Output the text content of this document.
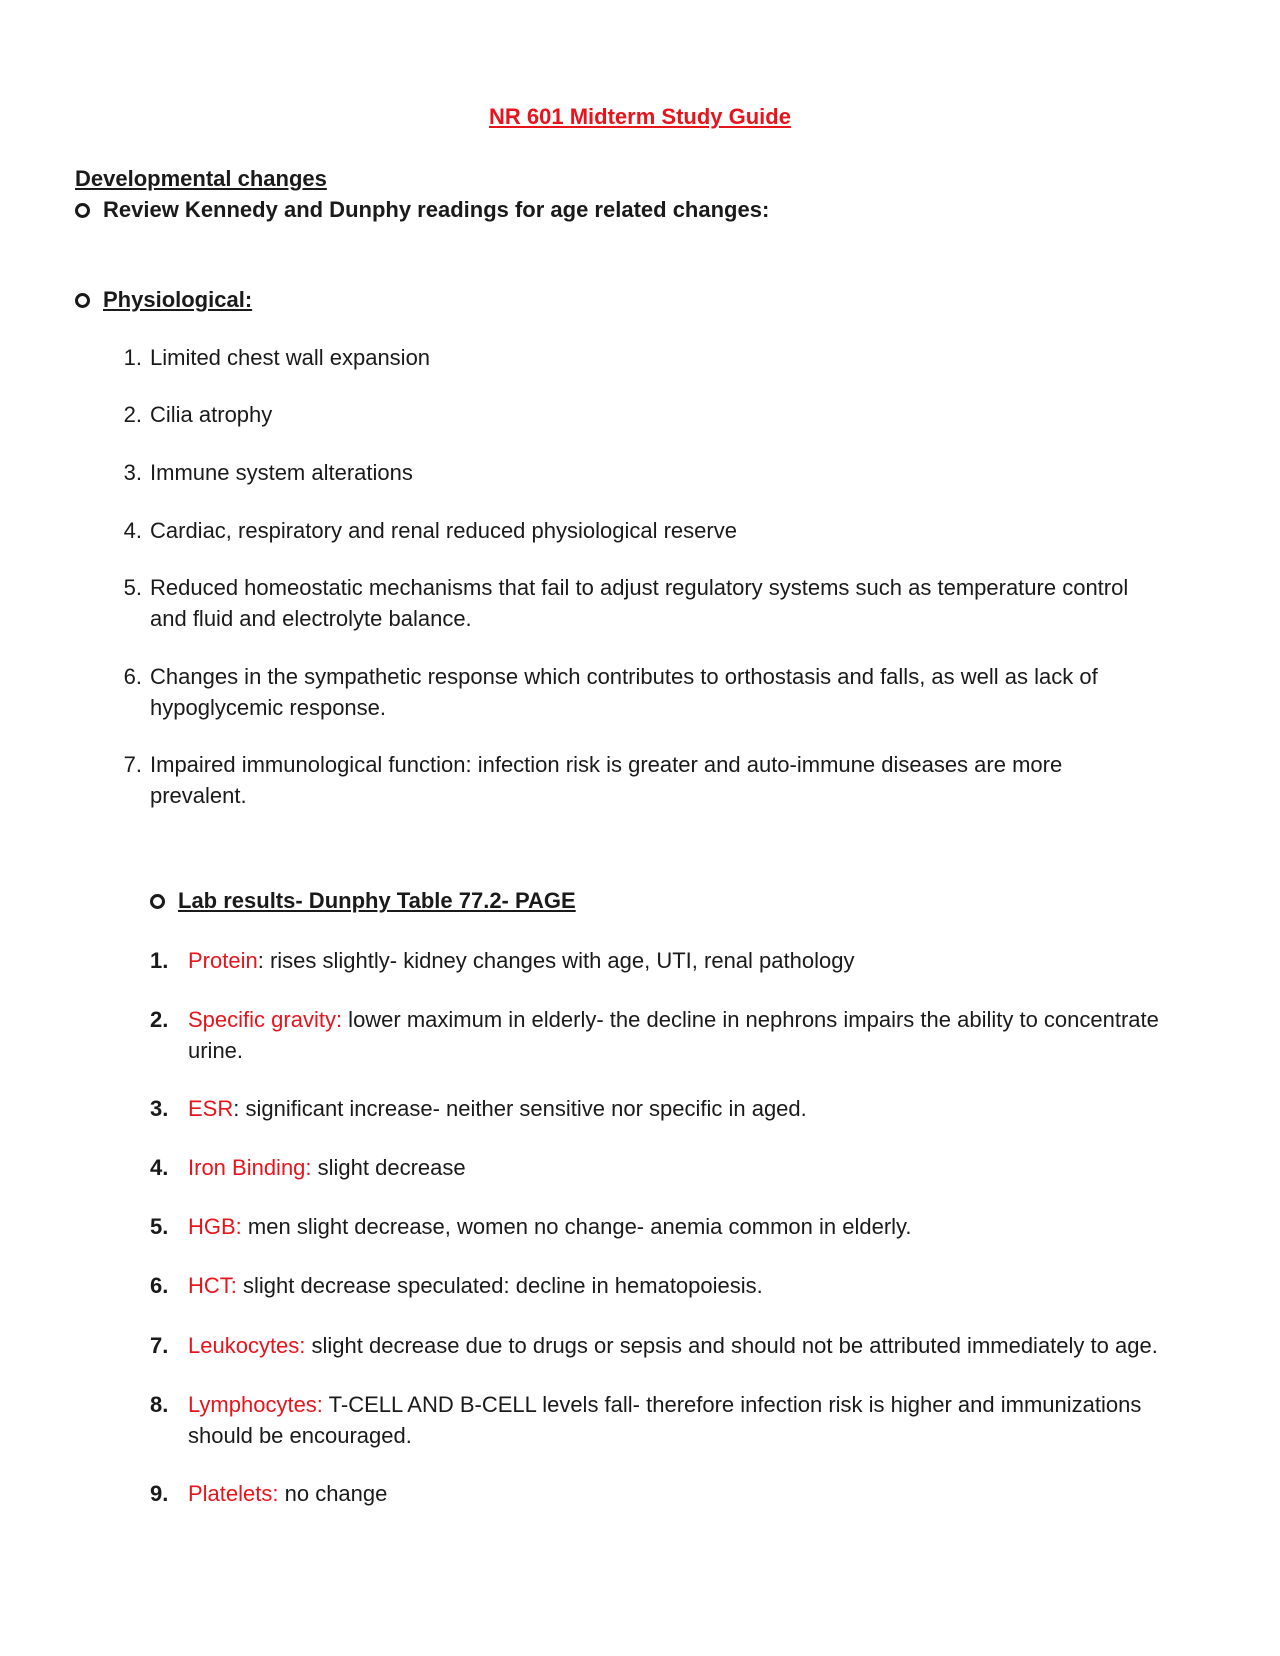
NR 601 Midterm Study Guide
Developmental changes
Review Kennedy and Dunphy readings for age related changes:
Physiological:
1. Limited chest wall expansion
2. Cilia atrophy
3. Immune system alterations
4. Cardiac, respiratory and renal reduced physiological reserve
5. Reduced homeostatic mechanisms that fail to adjust regulatory systems such as temperature control and fluid and electrolyte balance.
6. Changes in the sympathetic response which contributes to orthostasis and falls, as well as lack of hypoglycemic response.
7. Impaired immunological function: infection risk is greater and auto-immune diseases are more prevalent.
Lab results- Dunphy Table 77.2- PAGE
1. Protein: rises slightly- kidney changes with age, UTI, renal pathology
2. Specific gravity: lower maximum in elderly- the decline in nephrons impairs the ability to concentrate urine.
3. ESR: significant increase- neither sensitive nor specific in aged.
4. Iron Binding: slight decrease
5. HGB: men slight decrease, women no change- anemia common in elderly.
6. HCT: slight decrease speculated: decline in hematopoiesis.
7. Leukocytes: slight decrease due to drugs or sepsis and should not be attributed immediately to age.
8. Lymphocytes: T-CELL AND B-CELL levels fall- therefore infection risk is higher and immunizations should be encouraged.
9. Platelets: no change
